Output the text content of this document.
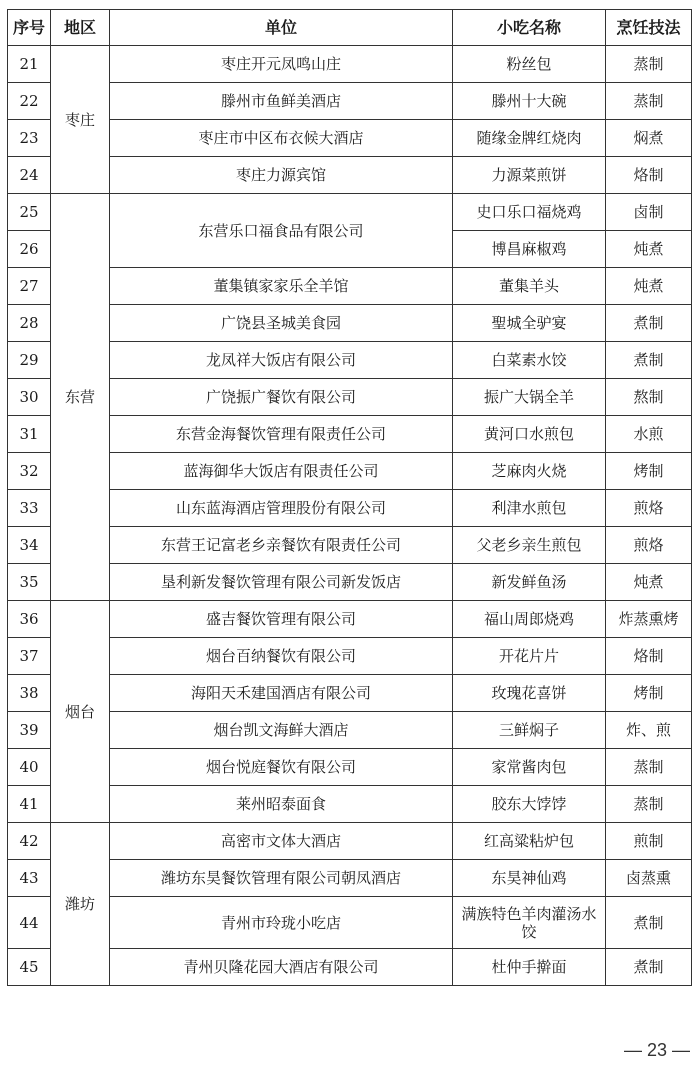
序号	地区	单位	小吃名称	烹饪技法
21	枣庄	枣庄开元凤鸣山庄	粉丝包	蒸制
22		滕州市鱼鲜美酒店	滕州十大碗	蒸制
23		枣庄市中区布衣候大酒店	随缘金牌红烧肉	焖煮
24		枣庄力源宾馆	力源菜煎饼	烙制
25	东营	东营乐口福食品有限公司	史口乐口福烧鸡	卤制
26			博昌麻椒鸡	炖煮
27		董集镇家家乐全羊馆	董集羊头	炖煮
28		广饶县圣城美食园	聖城全驴宴	煮制
29		龙凤祥大饭店有限公司	白菜素水饺	煮制
30		广饶振广餐饮有限公司	振广大锅全羊	熬制
31		东营金海餐饮管理有限责任公司	黄河口水煎包	水煎
32		蓝海御华大饭店有限责任公司	芝麻肉火烧	烤制
33		山东蓝海酒店管理股份有限公司	利津水煎包	煎烙
34		东营王记富老乡亲餐饮有限责任公司	父老乡亲生煎包	煎烙
35		垦利新发餐饮管理有限公司新发饭店	新发鲜鱼汤	炖煮
36	烟台	盛吉餐饮管理有限公司	福山周郎烧鸡	炸蒸熏烤
37		烟台百纳餐饮有限公司	开花片片	烙制
38		海阳天禾建国酒店有限公司	玫瑰花喜饼	烤制
39		烟台凯文海鲜大酒店	三鲜焖子	炸、煎
40		烟台悦庭餐饮有限公司	家常酱肉包	蒸制
41		莱州昭泰面食	胶东大饽饽	蒸制
42	潍坊	高密市文体大酒店	红高粱粘炉包	煎制
43		潍坊东昊餐饮管理有限公司朝凤酒店	东昊神仙鸡	卤蒸熏
44		青州市玲珑小吃店	满族特色羊肉灌汤水饺	煮制
45		青州贝隆花园大酒店有限公司	杜仲手擀面	煮制
— 23 —
